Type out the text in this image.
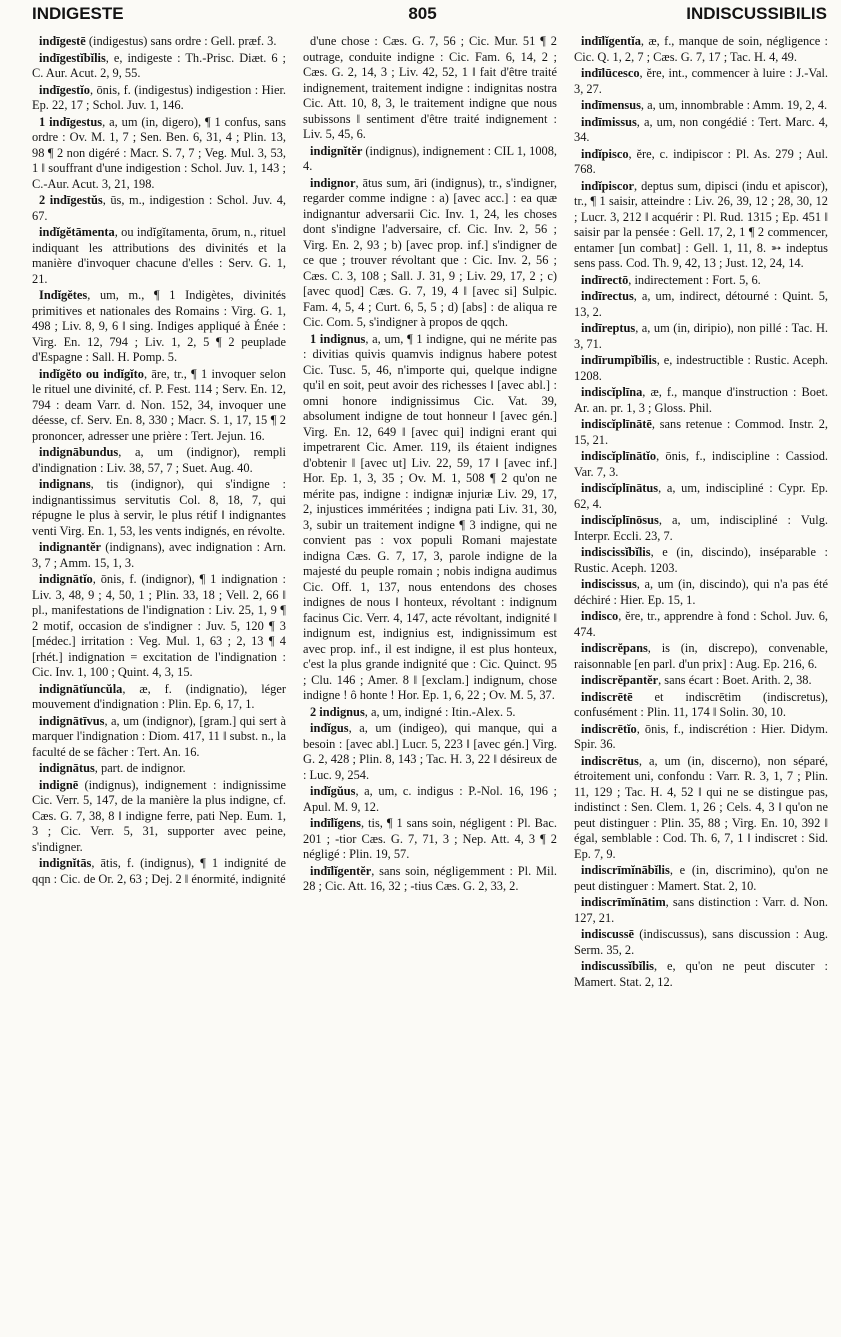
INDIGESTE	805	INDISCUSSIBILIS

indīgestē (indigestus) sans ordre : Gell. præf. 3.

indīgestĭbĭlis, e, indigeste : Th.-Prisc. Diæt. 6 ; C. Aur. Acut. 2, 9, 55.

indīgestĭo, ōnis, f. (indigestus) indigestion : Hier. Ep. 22, 17 ; Schol. Juv. 1, 146.

1 indīgestus, a, um (in, digero), ¶ 1 confus, sans ordre : Ov. M. 1, 7 ; Sen. Ben. 6, 31, 4 ; Plin. 13, 98 ¶ 2 non digéré : Macr. S. 7, 7 ; Veg. Mul. 3, 53, 1 ‖ souffrant d'une indigestion : Schol. Juv. 1, 143 ; C.-Aur. Acut. 3, 21, 198.

2 indīgestŭs, ūs, m., indigestion : Schol. Juv. 4, 67.

indĭgĕtāmenta, ou indĭgĭtamenta, ōrum, n., rituel indiquant les attributions des divinités et la manière d'invoquer chacune d'elles : Serv. G. 1, 21.

Indĭgĕtes, um, m., ¶ 1 Indigètes, divinités primitives et nationales des Romains : Virg. G. 1, 498 ; Liv. 8, 9, 6 ‖ sing. Indiges appliqué à Énée : Virg. En. 12, 794 ; Liv. 1, 2, 5 ¶ 2 peuplade d'Espagne : Sall. H. Pomp. 5.

indĭgĕto ou indĭgĭto, āre, tr., ¶ 1 invoquer selon le rituel une divinité, cf. P. Fest. 114 ; Serv. En. 12, 794 : deam Varr. d. Non. 152, 34, invoquer une déesse, cf. Serv. En. 8, 330 ; Macr. S. 1, 17, 15 ¶ 2 prononcer, adresser une prière : Tert. Jejun. 16.

indignābundus, a, um (indignor), rempli d'indignation : Liv. 38, 57, 7 ; Suet. Aug. 40.

indignans, tis (indignor), qui s'indigne : indignantissimus servitutis Col. 8, 18, 7, qui répugne le plus à servir, le plus rétif ‖ indignantes venti Virg. En. 1, 53, les vents indignés, en révolte.

indignantĕr (indignans), avec indignation : Arn. 3, 7 ; Amm. 15, 1, 3.

indignātĭo, ōnis, f. (indignor), ¶ 1 indignation : Liv. 3, 48, 9 ; 4, 50, 1 ; Plin. 33, 18 ; Vell. 2, 66 ‖ pl., manifestations de l'indignation : Liv. 25, 1, 9 ¶ 2 motif, occasion de s'indigner : Juv. 5, 120 ¶ 3 [médec.] irritation : Veg. Mul. 1, 63 ; 2, 13 ¶ 4 [rhét.] indignation = excitation de l'indignation : Cic. Inv. 1, 100 ; Quint. 4, 3, 15.

indignātĭuncŭla, æ, f. (indignatio), léger mouvement d'indignation : Plin. Ep. 6, 17, 1.

indignātīvus, a, um (indignor), [gram.] qui sert à marquer l'indignation : Diom. 417, 11 ‖ subst. n., la faculté de se fâcher : Tert. An. 16.

indignātus, part. de indignor.

indignē (indignus), indignement : indignissime Cic. Verr. 5, 147, de la manière la plus indigne, cf. Cæs. G. 7, 38, 8 ‖ indigne ferre, pati Nep. Eum. 1, 3 ; Cic. Verr. 5, 31, supporter avec peine, s'indigner.

indignĭtās, ātis, f. (indignus), ¶ 1 indignité de qqn : Cic. de Or. 2, 63 ; Dej. 2 ‖ énormité, indignité

d'une chose : Cæs. G. 7, 56 ; Cic. Mur. 51 ¶ 2 outrage, conduite indigne : Cic. Fam. 6, 14, 2 ; Cæs. G. 2, 14, 3 ; Liv. 42, 52, 1 ‖ fait d'être traité indignement, traitement indigne : indignitas nostra Cic. Att. 10, 8, 3, le traitement indigne que nous subissons ‖ sentiment d'être traité indignement : Liv. 5, 45, 6.

indignĭtĕr (indignus), indignement : CIL 1, 1008, 4.

indignor, ātus sum, āri (indignus), tr., s'indigner, regarder comme indigne : a) [avec acc.] : ea quæ indignantur adversarii Cic. Inv. 1, 24, les choses dont s'indigne l'adversaire, cf. Cic. Inv. 2, 56 ; Virg. En. 2, 93 ; b) [avec prop. inf.] s'indigner de ce que ; trouver révoltant que : Cic. Inv. 2, 56 ; Cæs. C. 3, 108 ; Sall. J. 31, 9 ; Liv. 29, 17, 2 ; c) [avec quod] Cæs. G. 7, 19, 4 ‖ [avec si] Sulpic. Fam. 4, 5, 4 ; Curt. 6, 5, 5 ; d) [abs] : de aliqua re Cic. Com. 5, s'indigner à propos de qqch.

1 indignus, a, um, ¶ 1 indigne, qui ne mérite pas : divitias quivis quamvis indignus habere potest Cic. Tusc. 5, 46, n'importe qui, quelque indigne qu'il en soit, peut avoir des richesses ‖ [avec abl.] : omni honore indignissimus Cic. Vat. 39, absolument indigne de tout honneur ‖ [avec gén.] Virg. En. 12, 649 ‖ [avec qui] indigni erant qui impetrarent Cic. Amer. 119, ils étaient indignes d'obtenir ‖ [avec ut] Liv. 22, 59, 17 ‖ [avec inf.] Hor. Ep. 1, 3, 35 ; Ov. M. 1, 508 ¶ 2 qu'on ne mérite pas, indigne : indignæ injuriæ Liv. 29, 17, 2, injustices imméritées ; indigna pati Liv. 31, 30, 3, subir un traitement indigne ¶ 3 indigne, qui ne convient pas : vox populi Romani majestate indigna Cæs. G. 7, 17, 3, parole indigne de la majesté du peuple romain ; nobis indigna audimus Cic. Off. 1, 137, nous entendons des choses indignes de nous ‖ honteux, révoltant : indignum facinus Cic. Verr. 4, 147, acte révoltant, indignité ‖ indignum est, indignius est, indignissimum est avec prop. inf., il est indigne, il est plus honteux, c'est la plus grande indignité que : Cic. Quinct. 95 ; Clu. 146 ; Amer. 8 ‖ [exclam.] indignum, chose indigne ! ô honte ! Hor. Ep. 1, 6, 22 ; Ov. M. 5, 37.

2 indignus, a, um, indigné : Itin.-Alex. 5.

indĭgus, a, um (indigeo), qui manque, qui a besoin : [avec abl.] Lucr. 5, 223 ‖ [avec gén.] Virg. G. 2, 428 ; Plin. 8, 143 ; Tac. H. 3, 22 ‖ désireux de : Luc. 9, 254.

indĭgŭus, a, um, c. indigus : P.-Nol. 16, 196 ; Apul. M. 9, 12.

indīlĭgens, tis, ¶ 1 sans soin, négligent : Pl. Bac. 201 ; -tior Cæs. G. 7, 71, 3 ; Nep. Att. 4, 3 ¶ 2 négligé : Plin. 19, 57.

indīlĭgentĕr, sans soin, négligemment : Pl. Mil. 28 ; Cic. Att. 16, 32 ; -tius Cæs. G. 2, 33, 2.

indīlĭgentĭa, æ, f., manque de soin, négligence : Cic. Q. 1, 2, 7 ; Cæs. G. 7, 17 ; Tac. H. 4, 49.

indīlūcesco, ĕre, int., commencer à luire : J.-Val. 3, 27.

indīmensus, a, um, innombrable : Amm. 19, 2, 4.

indīmissus, a, um, non congédié : Tert. Marc. 4, 34.

indĭpisco, ĕre, c. indipiscor : Pl. As. 279 ; Aul. 768.

indĭpiscor, deptus sum, dipisci (indu et apiscor), tr., ¶ 1 saisir, atteindre : Liv. 26, 39, 12 ; 28, 30, 12 ; Lucr. 3, 212 ‖ acquérir : Pl. Rud. 1315 ; Ep. 451 ‖ saisir par la pensée : Gell. 17, 2, 1 ¶ 2 commencer, entamer [un combat] : Gell. 1, 11, 8. ➳ indeptus sens pass. Cod. Th. 9, 42, 13 ; Just. 12, 24, 14.

indīrectō, indirectement : Fort. 5, 6.

indīrectus, a, um, indirect, détourné : Quint. 5, 13, 2.

indīreptus, a, um (in, diripio), non pillé : Tac. H. 3, 71.

indīrumpĭbĭlis, e, indestructible : Rustic. Aceph. 1208.

indiscĭplīna, æ, f., manque d'instruction : Boet. Ar. an. pr. 1, 3 ; Gloss. Phil.

indiscĭplīnātē, sans retenue : Commod. Instr. 2, 15, 21.

indiscĭplīnātĭo, ōnis, f., indiscipline : Cassiod. Var. 7, 3.

indiscĭplīnātus, a, um, indiscipliné : Cypr. Ep. 62, 4.

indiscĭplīnōsus, a, um, indiscipliné : Vulg. Interpr. Eccli. 23, 7.

indiscissĭbĭlis, e (in, discindo), inséparable : Rustic. Aceph. 1203.

indiscissus, a, um (in, discindo), qui n'a pas été déchiré : Hier. Ep. 15, 1.

indisco, ĕre, tr., apprendre à fond : Schol. Juv. 6, 474.

indiscrĕpans, is (in, discrepo), convenable, raisonnable [en parl. d'un prix] : Aug. Ep. 216, 6.

indiscrĕpantĕr, sans écart : Boet. Arith. 2, 38.

indiscrētē et indiscrētim (indiscretus), confusément : Plin. 11, 174 ‖ Solin. 30, 10.

indiscrētĭo, ōnis, f., indiscrétion : Hier. Didym. Spir. 36.

indiscrētus, a, um (in, discerno), non séparé, étroitement uni, confondu : Varr. R. 3, 1, 7 ; Plin. 11, 129 ; Tac. H. 4, 52 ‖ qui ne se distingue pas, indistinct : Sen. Clem. 1, 26 ; Cels. 4, 3 ‖ qu'on ne peut distinguer : Plin. 35, 88 ; Virg. En. 10, 392 ‖ égal, semblable : Cod. Th. 6, 7, 1 ‖ indiscret : Sid. Ep. 7, 9.

indiscrīmĭnābĭlis, e (in, discrimino), qu'on ne peut distinguer : Mamert. Stat. 2, 10.

indiscrīmĭnātim, sans distinction : Varr. d. Non. 127, 21.

indiscussē (indiscussus), sans discussion : Aug. Serm. 35, 2.

indiscussĭbĭlis, e, qu'on ne peut discuter : Mamert. Stat. 2, 12.
